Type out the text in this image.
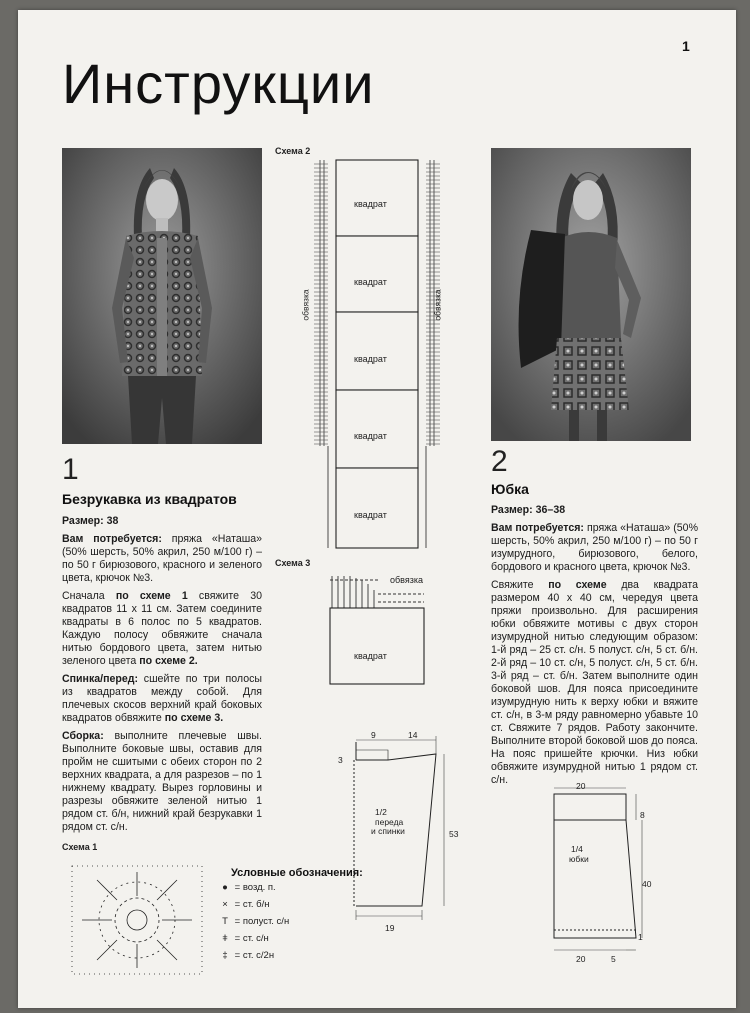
1
Инструкции
1
Безрукавка из квадратов
Размер: 38
Вам потребуется: пряжа «Наташа» (50% шерсть, 50% акрил, 250 м/100 г) – по 50 г бирюзового, красного и зеленого цвета, крючок №3.
Сначала по схеме 1 свяжите 30 квадратов 11 х 11 см. Затем соедините квадраты в 6 полос по 5 квадратов. Каждую полосу обвяжите сначала нитью бордового цвета, затем нитью зеленого цвета по схеме 2.
Спинка/перед: сшейте по три полосы из квадратов между собой. Для плечевых скосов верхний край боковых квадратов обвяжите по схеме 3.
Сборка: выполните плечевые швы. Выполните боковые швы, оставив для пройм не сшитыми с обеих сторон по 2 верхних квадрата, а для разрезов – по 1 нижнему квадрату. Вырез горловины и разрезы обвяжите зеленой нитью 1 рядом ст. б/н, нижний край безрукавки 1 рядом ст. с/н.
2
Юбка
Размер: 36–38
Вам потребуется: пряжа «Наташа» (50% шерсть, 50% акрил, 250 м/100 г) – по 50 г изумрудного, бирюзового, белого, бордового и красного цвета, крючок №3.
Свяжите по схеме два квадрата размером 40 х 40 см, чередуя цвета пряжи произвольно. Для расширения юбки обвяжите мотивы с двух сторон изумрудной нитью следующим образом: 1-й ряд – 25 ст. с/н. 5 полуст. с/н, 5 ст. б/н. 2-й ряд – 10 ст. с/н, 5 полуст. с/н, 5 ст. б/н. 3-й ряд – ст. б/н. Затем выполните один боковой шов. Для пояса присоедините изумрудную нить к верху юбки и вяжите ст. с/н, в 3-м ряду равномерно убавьте 10 ст. Свяжите 7 рядов. Работу закончите. Выполните второй боковой шов до пояса. На пояс пришейте крючки. Низ юбки обвяжите изумрудной нитью 1 рядом ст. с/н.
Схема 2
квадрат
квадрат
квадрат
квадрат
квадрат
обвязка	обвязка
Схема 3
обвязка
квадрат
9	14
3
1/2
переда
и спинки	53
19
20
8
1/4
юбки
40
1
20	5
Схема 1
Условные обозначения:
● = возд. п.
× = ст. б/н
Т = полуст. с/н
ǂ = ст. с/н
‡ = ст. с/2н
